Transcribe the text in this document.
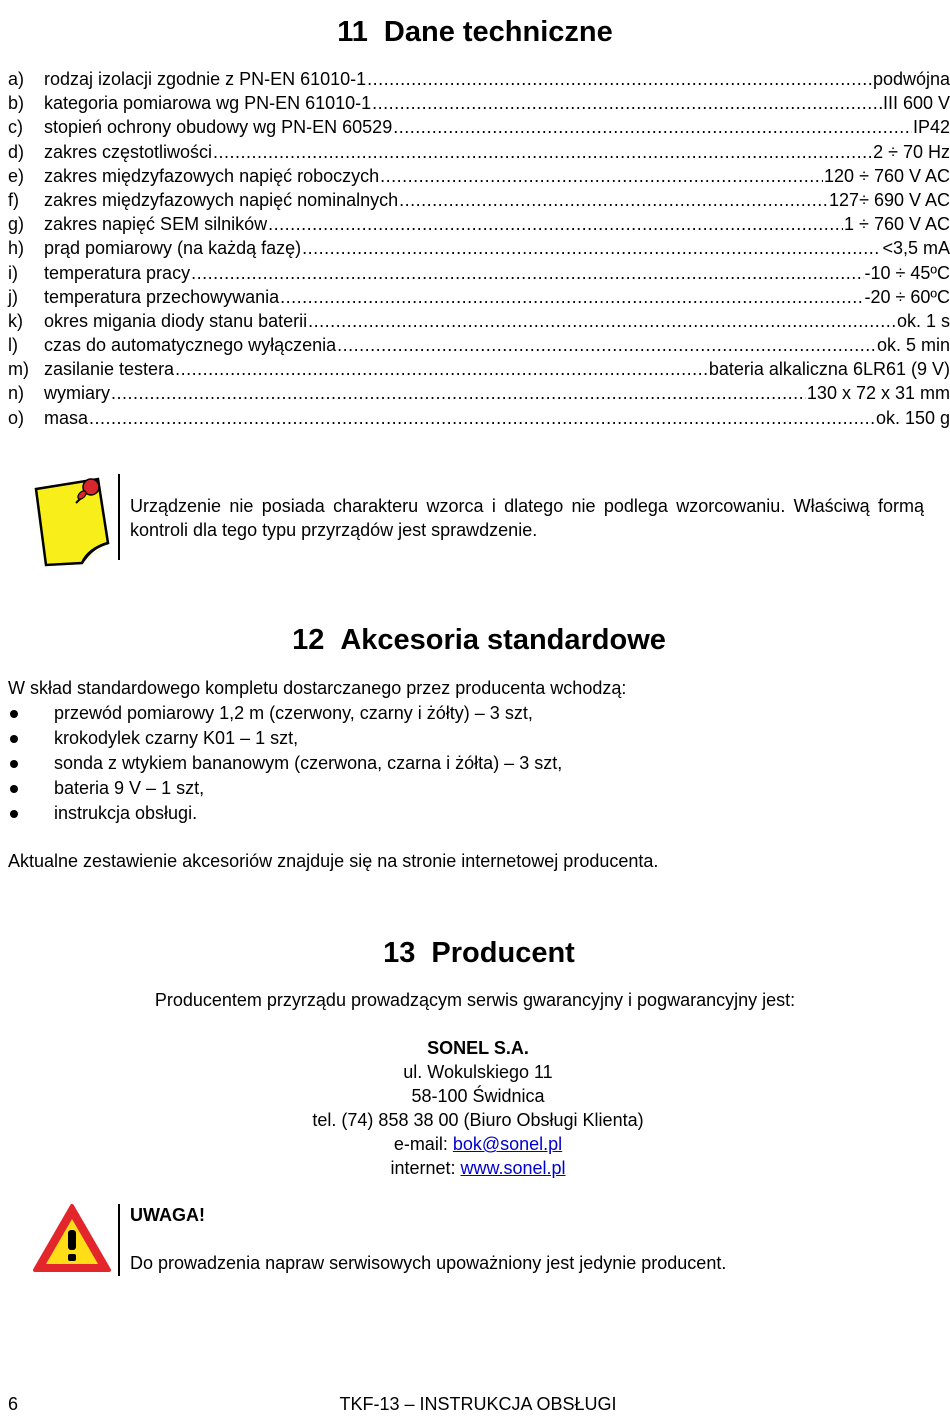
11 Dane techniczne
a)	rodzaj izolacji zgodnie z PN-EN 61010-1 .....	podwójna
b)	kategoria pomiarowa wg PN-EN 61010-1 .....	III 600 V
c)	stopień ochrony obudowy wg PN-EN 60529 .....	IP42
d)	zakres częstotliwości .....	2 ÷ 70 Hz
e)	zakres międzyfazowych napięć roboczych .....	120 ÷ 760 V AC
f)	zakres międzyfazowych napięć nominalnych .....	127÷ 690 V AC
g)	zakres napięć SEM silników .....	1 ÷ 760 V AC
h)	prąd pomiarowy (na każdą fazę) .....	<3,5 mA
i)	temperatura pracy .....	-10 ÷ 45ºC
j)	temperatura przechowywania .....	-20 ÷ 60ºC
k)	okres migania diody stanu baterii .....	ok. 1 s
l)	czas do automatycznego wyłączenia .....	ok. 5 min
m) zasilanie testera .....	bateria alkaliczna 6LR61 (9 V)
n)	wymiary .....	130 x 72 x 31 mm
o)	masa .....	ok. 150 g
Urządzenie nie posiada charakteru wzorca i dlatego nie podlega wzorcowaniu. Właściwą formą kontroli dla tego typu przyrządów jest sprawdzenie.
12 Akcesoria standardowe
W skład standardowego kompletu dostarczanego przez producenta wchodzą:
przewód pomiarowy 1,2 m (czerwony, czarny i żółty) – 3 szt,
krokodylek czarny K01 – 1 szt,
sonda z wtykiem bananowym (czerwona, czarna i żółta) – 3 szt,
bateria 9 V – 1 szt,
instrukcja obsługi.
Aktualne zestawienie akcesoriów znajduje się na stronie internetowej producenta.
13 Producent
Producentem przyrządu prowadzącym serwis gwarancyjny i pogwarancyjny jest:
SONEL S.A.
ul. Wokulskiego 11
58-100 Świdnica
tel. (74) 858 38 00 (Biuro Obsługi Klienta)
e-mail: bok@sonel.pl
internet: www.sonel.pl
UWAGA!
Do prowadzenia napraw serwisowych upoważniony jest jedynie producent.
6	TKF-13 – INSTRUKCJA OBSŁUGI
